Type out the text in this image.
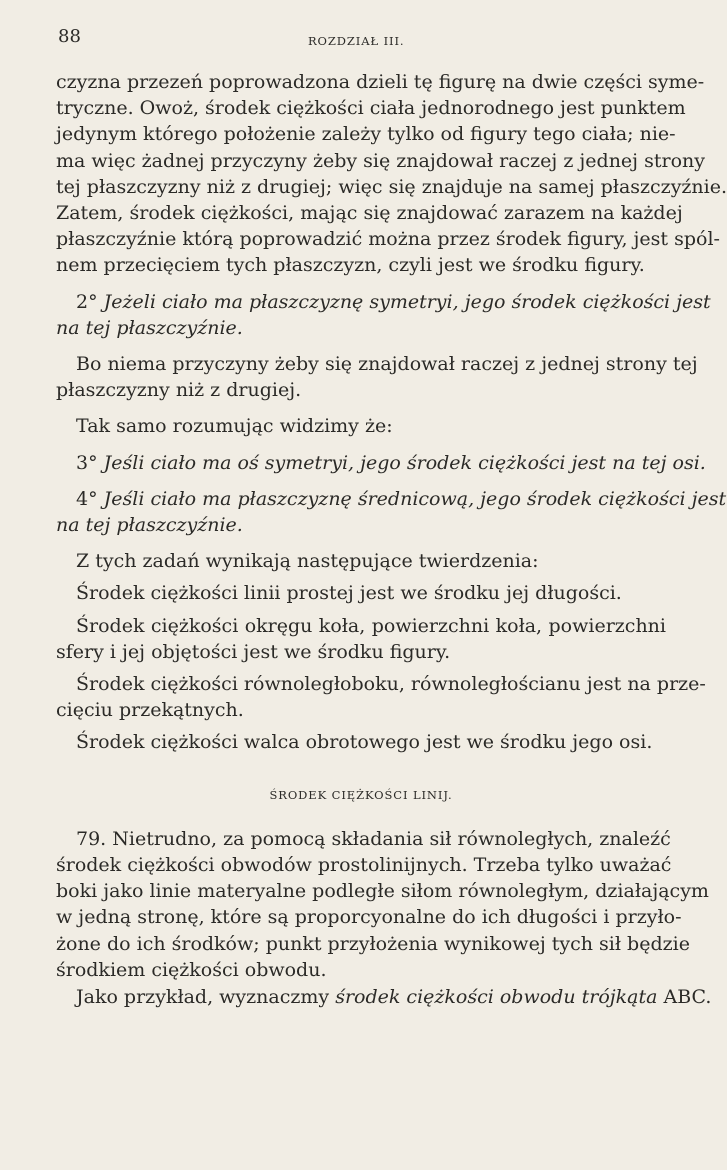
88	ROZDZIAŁ III.
czyzna przezeń poprowadzona dzieli tę figurę na dwie części syme-
tryczne. Owoż, środek ciężkości ciała jednorodnego jest punktem
jedynym którego położenie zależy tylko od figury tego ciała; nie-
ma więc żadnej przyczyny żeby się znajdował raczej z jednej strony
tej płaszczyzny niż z drugiej; więc się znajduje na samej płaszczyźnie.
Zatem, środek ciężkości, mając się znajdować zarazem na każdej
płaszczyźnie którą poprowadzić można przez środek figury, jest spól-
nem przecięciem tych płaszczyzn, czyli jest we środku figury.
2° Jeżeli ciało ma płaszczyznę symetryi, jego środek ciężkości jest
na tej płaszczyźnie.
Bo niema przyczyny żeby się znajdował raczej z jednej strony tej
płaszczyzny niż z drugiej.
Tak samo rozumując widzimy że:
3° Jeśli ciało ma oś symetryi, jego środek ciężkości jest na tej osi.
4° Jeśli ciało ma płaszczyznę średnicową, jego środek ciężkości jest
na tej płaszczyźnie.
Z tych zadań wynikają następujące twierdzenia:
Środek ciężkości linii prostej jest we środku jej długości.
Środek ciężkości okręgu koła, powierzchni koła, powierzchni
sfery i jej objętości jest we środku figury.
Środek ciężkości równoległoboku, równoległościanu jest na prze-
cięciu przekątnych.
Środek ciężkości walca obrotowego jest we środku jego osi.
ŚRODEK CIĘŻKOŚCI LINIJ.
79. Nietrudno, za pomocą składania sił równoległych, znaleźć
środek ciężkości obwodów prostolinijnych. Trzeba tylko uważać
boki jako linie materyalne podległe siłom równoległym, działającym
w jedną stronę, które są proporcyonalne do ich długości i przyło-
żone do ich środków; punkt przyłożenia wynikowej tych sił będzie
środkiem ciężkości obwodu.
Jako przykład, wyznaczmy środek ciężkości obwodu trójkąta ABC.
